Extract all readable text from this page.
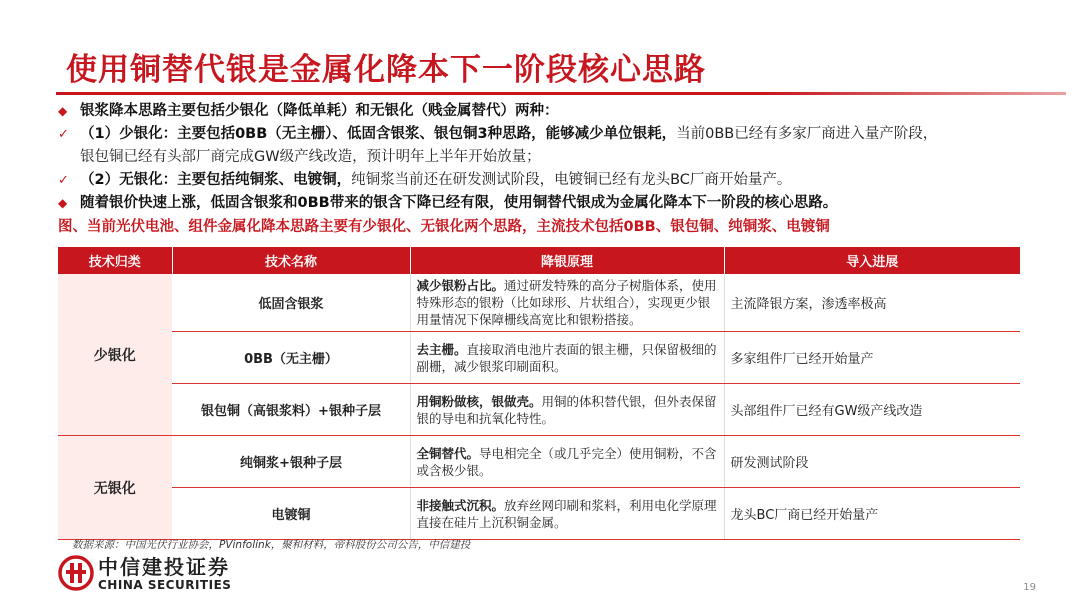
使用铜替代银是金属化降本下一阶段核心思路
◆ 银浆降本思路主要包括少银化（降低单耗）和无银化（贱金属替代）两种：
✓ （1）少银化：主要包括0BB（无主栅）、低固含银浆、银包铜3种思路，能够减少单位银耗，当前0BB已经有多家厂商进入量产阶段，
银包铜已经有头部厂商完成GW级产线改造，预计明年上半年开始放量；
✓ （2）无银化：主要包括纯铜浆、电镀铜，纯铜浆当前还在研发测试阶段，电镀铜已经有龙头BC厂商开始量产。
◆ 随着银价快速上涨，低固含银浆和0BB带来的银含下降已经有限，使用铜替代银成为金属化降本下一阶段的核心思路。
图、当前光伏电池、组件金属化降本思路主要有少银化、无银化两个思路，主流技术包括0BB、银包铜、纯铜浆、电镀铜
技术归类	技术名称	降银原理	导入进展
少银化	低固含银浆	减少银粉占比。通过研发特殊的高分子树脂体系，使用特殊形态的银粉（比如球形、片状组合），实现更少银用量情况下保障栅线高宽比和银粉搭接。	主流降银方案，渗透率极高
	0BB（无主栅）	去主栅。直接取消电池片表面的银主栅，只保留极细的副栅，减少银浆印刷面积。	多家组件厂已经开始量产
	银包铜（高银浆料）+银种子层	用铜粉做核，银做壳。用铜的体积替代银，但外表保留银的导电和抗氧化特性。	头部组件厂已经有GW级产线改造
无银化	纯铜浆+银种子层	全铜替代。导电相完全（或几乎完全）使用铜粉，不含或含极少银。	研发测试阶段
	电镀铜	非接触式沉积。放弃丝网印刷和浆料，利用电化学原理直接在硅片上沉积铜金属。	龙头BC厂商已经开始量产
数据来源：中国光伏行业协会，PVinfolink，聚和材料，帝科股份公司公告，中信建投
中信建投证券
CHINA SECURITIES	19
